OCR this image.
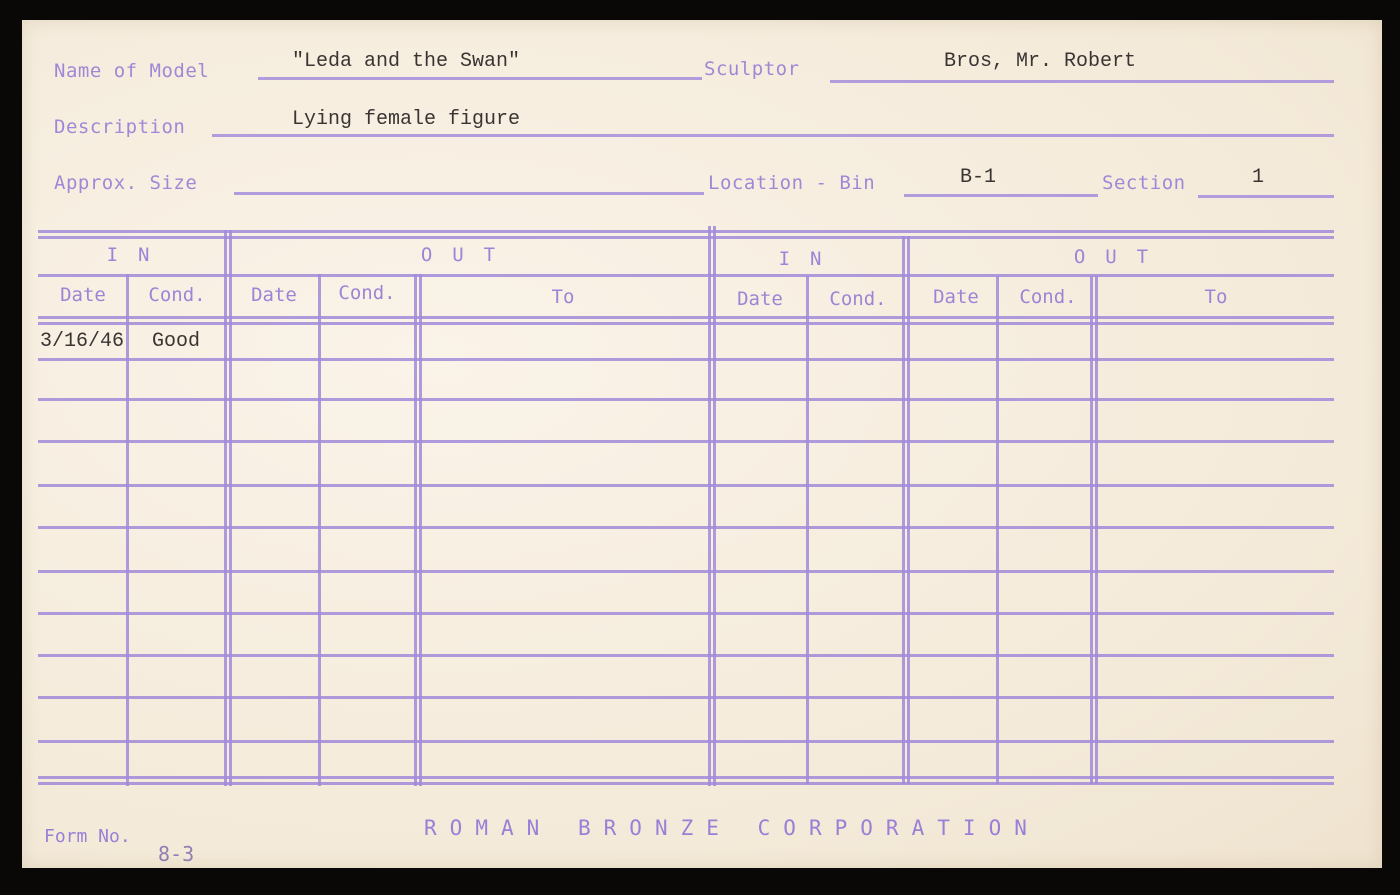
Name of Model	"Leda and the Swan"	Sculptor	Bros, Mr. Robert
Description	Lying female figure
Approx. Size	Location - Bin	B-1	Section	1
IN	OUT	IN	OUT
Date	Cond.	Date	Cond.	To	Date	Cond.	Date	Cond.	To
3/16/46 Good
Form No.
8-3
ROMAN BRONZE CORPORATION
